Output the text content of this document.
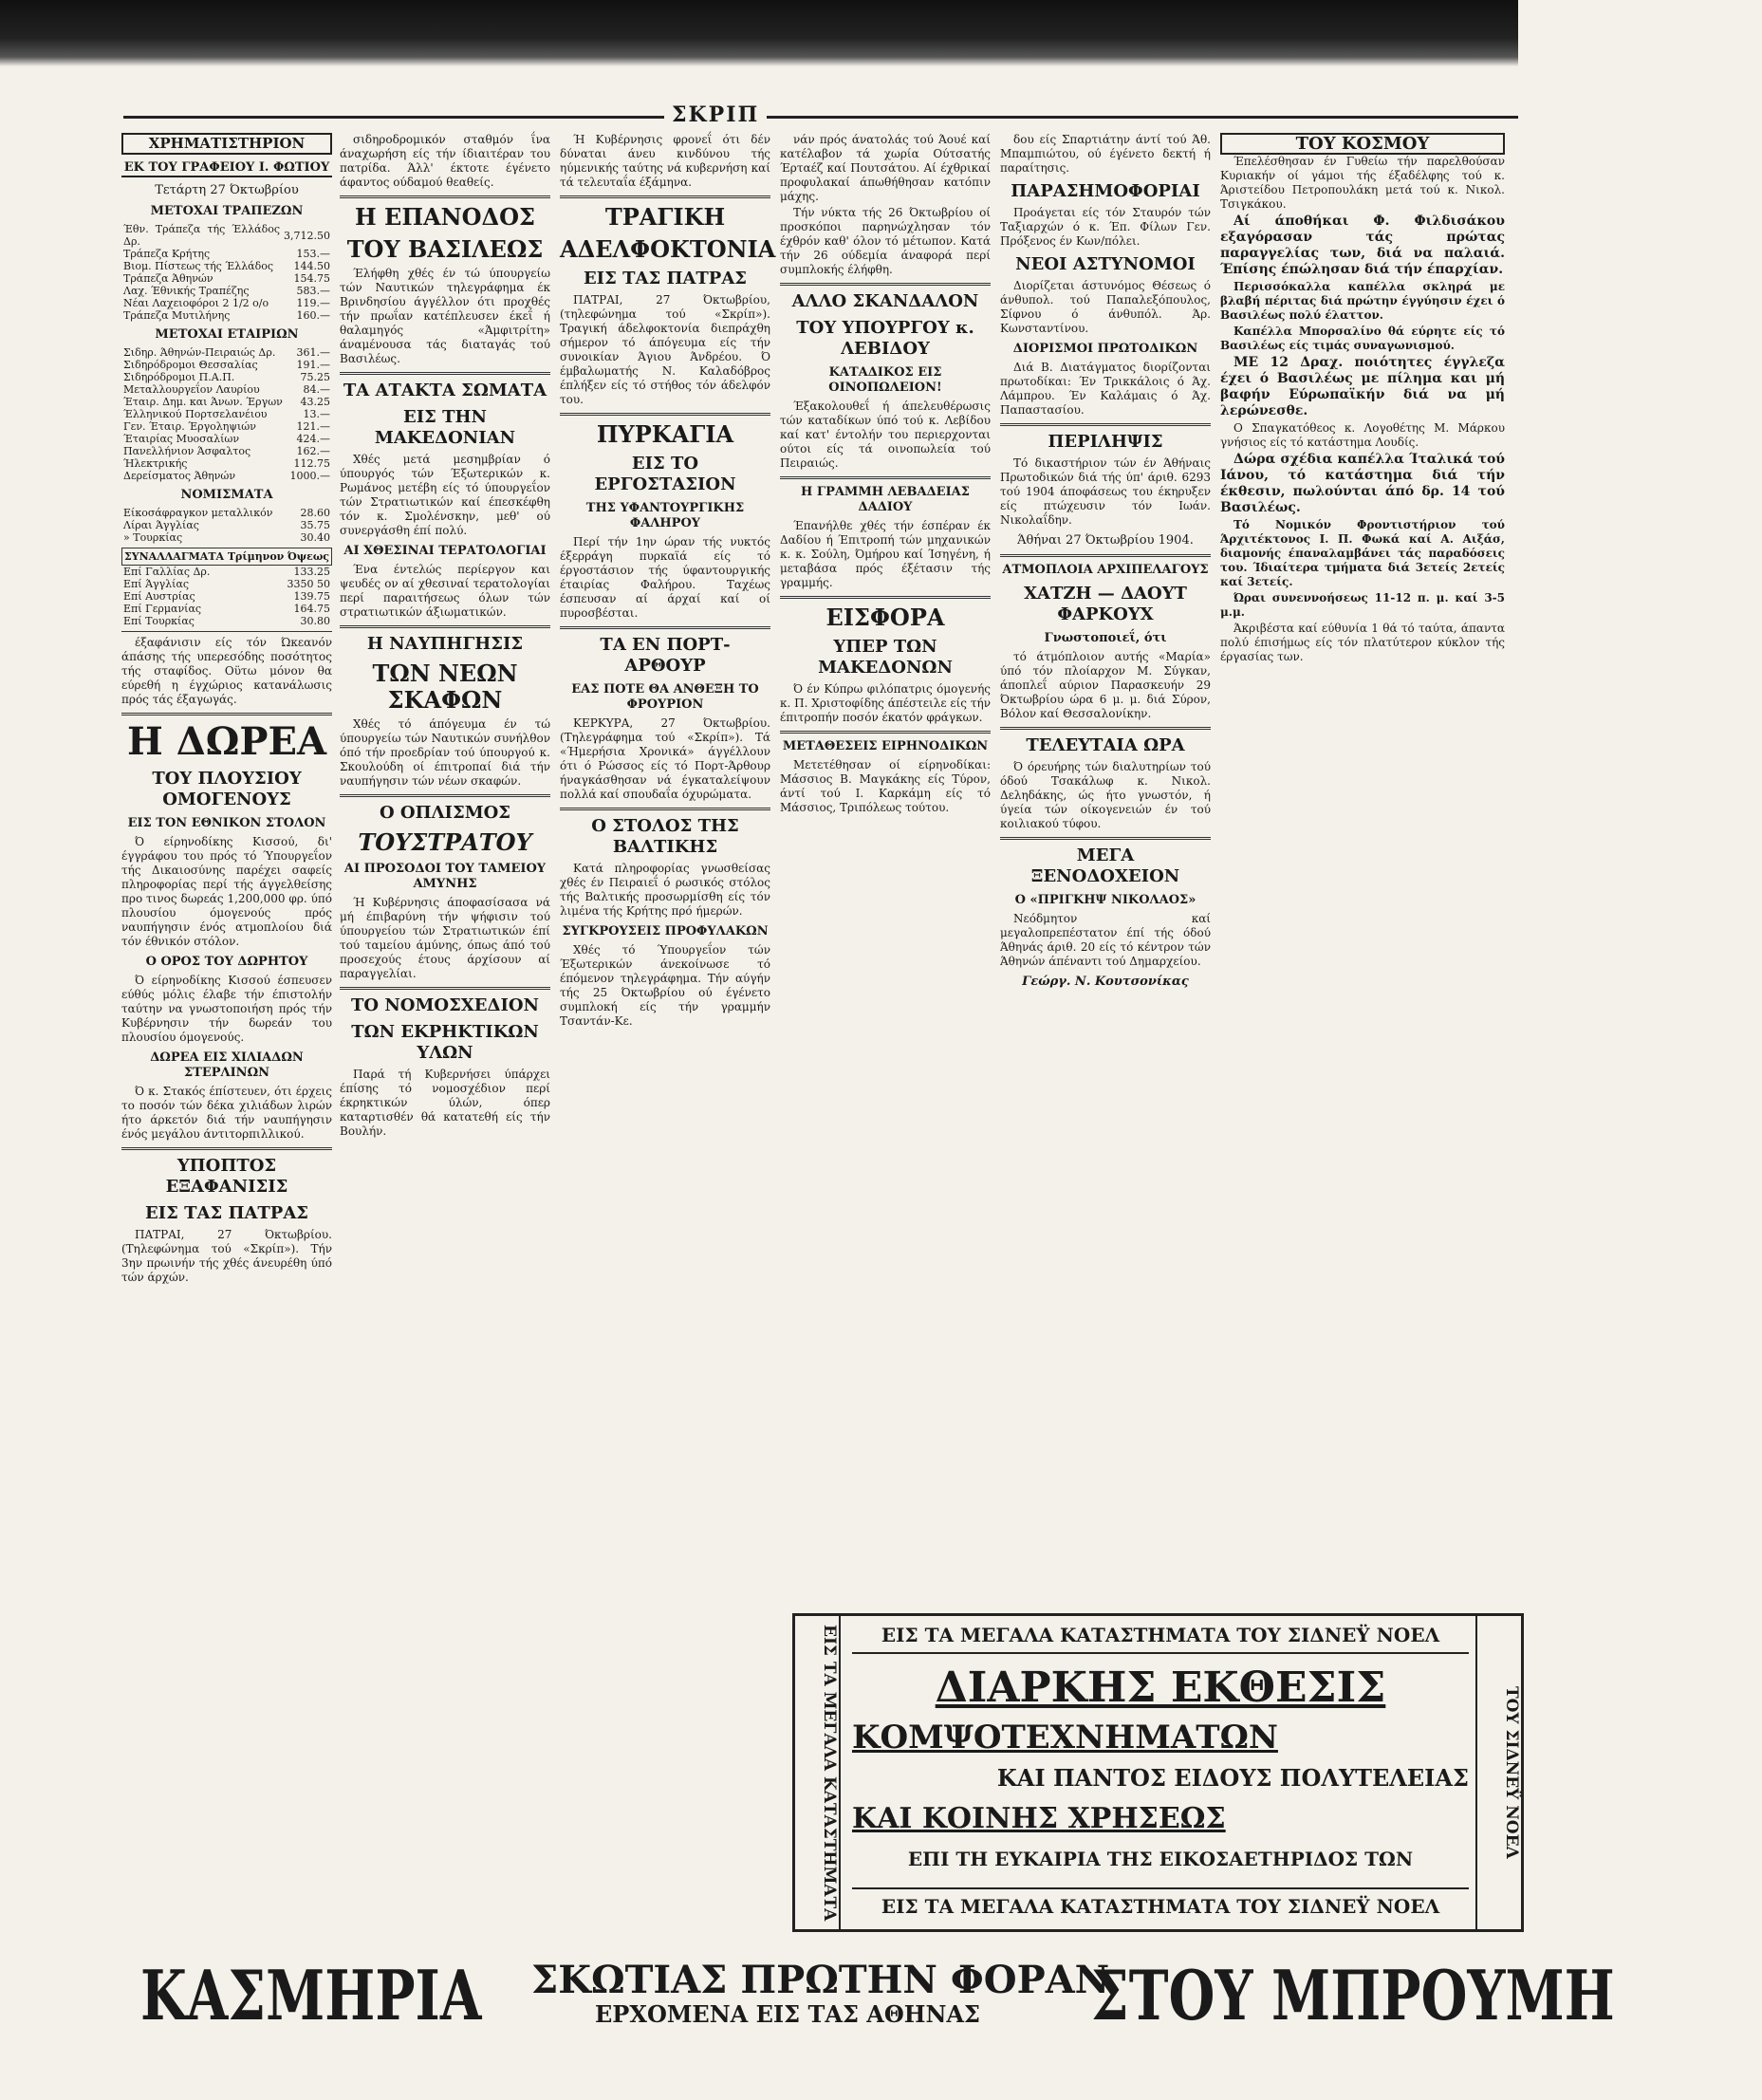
ΣΚΡΙΠ
ΧΡΗΜΑΤΙΣΤΗΡΙΟΝ
ΕΚ ΤΟΥ ΓΡΑΦΕΙΟΥ Ι. ΦΩΤΙΟΥ
Τετάρτη 27 Όκτωβρίου
ΜΕΤΟΧΑΙ ΤΡΑΠΕΖΩΝ
Έθν. Τράπεζα τής Έλλάδος Δρ.	3,712.50
Τράπεζα Κρήτης	153.—
Βιομ. Πίστεως τής Έλλάδος	144.50
Τράπεζα Άθηνών	154.75
Λαχ. Έθνικής Τραπέζης	583.—
Νέαι Λαχειοφόροι 2 1/2 ο/ο	119.—
Τράπεζα Μυτιλήνης	160.—
ΜΕΤΟΧΑΙ ΕΤΑΙΡΙΩΝ
Σιδηρ. Άθηνών-Πειραιώς Δρ.	361.—
Σιδηρόδρομοι Θεσσαλίας	191.—
Σιδηρόδρομοι Π.Α.Π.	75.25
Μεταλλουργεΐον Λαυρίου	84.—
Έταιρ. Δημ. και Άνων. Έργων	43.25
Έλληνικού Πορτσελανέιου	13.—
Γεν. Έταιρ. Έργοληψιών	121.—
Έταιρίας Μυοσαλίων	424.—
Πανελλήνιον Άσφαλτος	162.—
Ήλεκτρικής	112.75
Δερείσματος Άθηνών	1000.—
ΝΟΜΙΣΜΑΤΑ
Είκοσάφραγκον μεταλλικόν	28.60
Λίραι Άγγλίας	35.75
» Τουρκίας	30.40
ΣΥΝΑΛΛΑΓΜΑΤΑ Τρίμηνον Όψεως
Επί Γαλλίας Δρ.	133.25
Επί Άγγλίας	3350 50
Επί Αυστρίας	139.75
Επί Γερμανίας	164.75
Επί Τουρκίας	30.80

έξαφάνισιν είς τόν Ώκεανόν άπάσης τής υπερεσόδης ποσότητος τής σταφίδος. Οϋτω μόνον θα εύρεθή η έγχώριος κατανάλωσις πρός τάς έξαγωγάς.

Η ΔΩΡΕΑ
ΤΟΥ ΠΛΟΥΣΙΟΥ ΟΜΟΓΕΝΟΥΣ
ΕΙΣ ΤΟΝ ΕΘΝΙΚΟΝ ΣΤΟΛΟΝ

Ό είρηνοδίκης Κισσού, δι' έγγράφου του πρός τό Ύπουργεΐον τής Δικαιοσύνης παρέχει σαφείς πληροφορίας περί τής άγγελθείσης προ τινος δωρεάς 1,200,000 φρ. ύπό πλουσίου όμογενούς πρός ναυπήγησιν ένός ατμοπλοίου διά τόν έθνικόν στόλον.

Ο ΟΡΟΣ ΤΟΥ ΔΩΡΗΤΟΥ

Ό είρηνοδίκης Κισσού έσπευσεν εύθύς μόλις έλαβε τήν έπιστολήν ταύτην να γνωστοποιήση πρός τήν Κυβέρνησιν τήν δωρεάν του πλουσίου όμογενούς.

ΔΩΡΕΑ ΕΙΣ ΧΙΛΙΑΔΩΝ ΣΤΕΡΛΙΝΩΝ

Ό κ. Στακός έπίστευεν, ότι έρχεις το ποσόν τών δέκα χιλιάδων λιρών ήτο άρκετόν διά τήν ναυπήγησιν ένός μεγάλου άντιτορπιλλικού.

ΥΠΟΠΤΟΣ ΕΞΑΦΑΝΙΣΙΣ
ΕΙΣ ΤΑΣ ΠΑΤΡΑΣ

ΠΑΤΡΑΙ, 27 Όκτωβρίου. (Τηλεφώνημα τού «Σκρίπ»). Τήν 3ην πρωινήν τής χθές άνευρέθη ύπό τών άρχών.

σιδηροδρομικόν σταθμόν ΐνα άναχωρήση είς τήν ίδιαιτέραν του πατρίδα. Άλλ' έκτοτε έγένετο άφαντος ούδαμού θεαθείς.

Η ΕΠΑΝΟΔΟΣ
ΤΟΥ ΒΑΣΙΛΕΩΣ

Έλήφθη χθές έν τώ ύπουργείω τών Ναυτικών τηλεγράφημα έκ Βρινδησίου άγγέλλον ότι προχθές τήν πρωΐαν κατέπλευσεν έκεΐ ή θαλαμηγός «Άμφιτρίτη» άναμένουσα τάς διαταγάς τού Βασιλέως.

ΤΑ ΑΤΑΚΤΑ ΣΩΜΑΤΑ
ΕΙΣ ΤΗΝ ΜΑΚΕΔΟΝΙΑΝ

Χθές μετά μεσημβρίαν ό ύπουργός τών Έξωτερικών κ. Ρωμάνος μετέβη είς τό ύπουργεΐον τών Στρατιωτικών καί έπεσκέφθη τόν κ. Σμολένσκην, μεθ' ού συνεργάσθη έπί πολύ.

ΑΙ ΧΘΕΣΙΝΑΙ ΤΕΡΑΤΟΛΟΓΙΑΙ

Ένα έντελώς περίεργον και ψευδές ον αί χθεσιναί τερατολογίαι περί παραιτήσεως όλων τών στρατιωτικών άξιωματικών.

Η ΝΑΥΠΗΓΗΣΙΣ
ΤΩΝ ΝΕΩΝ ΣΚΑΦΩΝ

Χθές τό άπόγευμα έν τώ ύπουργείω τών Ναυτικών συνήλθον όπό τήν προεδρίαν τού ύπουργού κ. Σκουλούδη οί έπιτροπαί διά τήν ναυπήγησιν τών νέων σκαφών.

Ο ΟΠΛΙΣΜΟΣ
ΤΟΥΣΤΡΑΤΟΥ
ΑΙ ΠΡΟΣΟΔΟΙ ΤΟΥ ΤΑΜΕΙΟΥ ΑΜΥΝΗΣ

Ή Κυβέρνησις άποφασίσασα νά μή έπιβαρύνη τήν ψήφισιν τού ύπουργείου τών Στρατιωτικών έπί τού ταμείου άμύνης, όπως άπό τού προσεχούς έτους άρχίσουν αί παραγγελίαι.

ΤΟ ΝΟΜΟΣΧΕΔΙΟΝ
ΤΩΝ ΕΚΡΗΚΤΙΚΩΝ ΥΛΩΝ

Παρά τή Κυβερνήσει ύπάρχει έπίσης τό νομοσχέδιον περί έκρηκτικών ύλών, όπερ καταρτισθέν θά κατατεθή είς τήν Βουλήν.

Ή Κυβέρνησις φρονεΐ ότι δέν δύναται άνευ κινδύνου τής ηύμενικής ταύτης νά κυβερνήση καί τά τελευταΐα έξάμηνα.

ΤΡΑΓΙΚΗ
ΑΔΕΛΦΟΚΤΟΝΙΑ
ΕΙΣ ΤΑΣ ΠΑΤΡΑΣ

ΠΑΤΡΑΙ, 27 Όκτωβρίου, (τηλεφώνημα τού «Σκρίπ»). Τραγική άδελφοκτονία διεπράχθη σήμερον τό άπόγευμα είς τήν συνοικίαν Άγιου Άνδρέου. Ό έμβαλωματής Ν. Καλαδόβρος έπλήξεν είς τό στήθος τόν άδελφόν του.

ΠΥΡΚΑΓΙΑ
ΕΙΣ ΤΟ ΕΡΓΟΣΤΑΣΙΟΝ
ΤΗΣ ΥΦΑΝΤΟΥΡΓΙΚΗΣ ΦΑΛΗΡΟΥ

Περί τήν 1ην ώραν τής νυκτός έξερράγη πυρκαϊά είς τό έργοστάσιον τής ύφαντουργικής έταιρίας Φαλήρου. Ταχέως έσπευσαν αί άρχαί καί οί πυροσβέσται.

ΤΑ ΕΝ ΠΟΡΤ-ΑΡΘΟΥΡ
ΕΑΣ ΠΟΤΕ ΘΑ ΑΝΘΕΞΗ ΤΟ ΦΡΟΥΡΙΟΝ

ΚΕΡΚΥΡΑ, 27 Όκτωβρίου. (Τηλεγράφημα τού «Σκρίπ»). Τά «Ήμερήσια Χρονικά» άγγέλλουν ότι ό Ρώσσος είς τό Πορτ-Άρθουρ ήναγκάσθησαν νά έγκαταλείψουν πολλά καί σπουδαΐα όχυρώματα.

Ο ΣΤΟΛΟΣ ΤΗΣ ΒΑΛΤΙΚΗΣ

Κατά πληροφορίας γνωσθείσας χθές έν Πειραιεΐ ό ρωσικός στόλος τής Βαλτικής προσωρμίσθη είς τόν λιμένα τής Κρήτης πρό ήμερών.

ΣΥΓΚΡΟΥΣΕΙΣ ΠΡΟΦΥΛΑΚΩΝ

Χθές τό Ύπουργεΐον τών Έξωτερικών άνεκοίνωσε τό έπόμενον τηλεγράφημα. Τήν αύγήν τής 25 Όκτωβρίου ού έγένετο συμπλοκή είς τήν γραμμήν Τσαντάν-Κε.

νάν πρός άνατολάς τού Άουέ καί κατέλαβον τά χωρία Ούτσατής Έρταέζ καί Πουτσάτου. Αί έχθρικαί προφυλακαί άπωθήθησαν κατόπιν μάχης.

Τήν νύκτα τής 26 Όκτωβρίου οί προσκόποι παρηνώχλησαν τόν έχθρόν καθ' όλον τό μέτωπον. Κατά τήν 26 ούδεμία άναφορά περί συμπλοκής έλήφθη.

ΑΛΛΟ ΣΚΑΝΔΑΛΟΝ
ΤΟΥ ΥΠΟΥΡΓΟΥ κ. ΛΕΒΙΔΟΥ
ΚΑΤΑΔΙΚΟΣ ΕΙΣ ΟΙΝΟΠΩΛΕΙΟΝ!

Έξακολουθεΐ ή άπελευθέρωσις τών καταδίκων ύπό τού κ. Λεβίδου καί κατ' έντολήν του περιερχονται ούτοι είς τά οινοπωλεία τού Πειραιώς.

Η ΓΡΑΜΜΗ ΛΕΒΑΔΕΙΑΣ ΔΑΔΙΟΥ

Έπανήλθε χθές τήν έσπέραν έκ Δαδίου ή Έπιτροπή τών μηχανικών κ. κ. Σούλη, Όμήρου καί Ίσηγένη, ή μεταβάσα πρός έξέτασιν τής γραμμής.

ΕΙΣΦΟΡΑ
ΥΠΕΡ ΤΩΝ ΜΑΚΕΔΟΝΩΝ

Ό έν Κύπρω φιλόπατρις όμογενής κ. Π. Χριστοφίδης άπέστειλε είς τήν έπιτροπήν ποσόν έκατόν φράγκων.

ΜΕΤΑΘΕΣΕΙΣ ΕΙΡΗΝΟΔΙΚΩΝ

Μετετέθησαν οί είρηνοδίκαι: Μάσσιος Β. Μαγκάκης είς Τύρον, άντί τού Ι. Καρκάμη είς τό Μάσσιος, Τριπόλεως τούτου.

δου είς Σπαρτιάτην άντί τού Άθ. Μπαμπιώτου, ού έγένετο δεκτή ή παραίτησις.

ΠΑΡΑΣΗΜΟΦΟΡΙΑΙ

Προάγεται είς τόν Σταυρόν τών Ταξιαρχών ό κ. Έπ. Φίλων Γεν. Πρόξενος έν Κων/πόλει.

ΝΕΟΙ ΑΣΤΥΝΟΜΟΙ

Διορίζεται άστυνόμος Θέσεως ό άνθυπολ. τού Παπαλεξόπουλος, Σίφνου ό άνθυπόλ. Άρ. Κωνσταντίνου.

ΔΙΟΡΙΣΜΟΙ ΠΡΩΤΟΔΙΚΩΝ

Διά Β. Διατάγματος διορίζονται πρωτοδίκαι: Έν Τρικκάλοις ό Άχ. Λάμπρου. Έν Καλάμαις ό Άχ. Παπαστασίου.

ΠΕΡΙΛΗΨΙΣ

Τό δικαστήριον τών έν Άθήναις Πρωτοδικών διά τής ύπ' άριθ. 6293 τού 1904 άποφάσεως του έκηρυξεν είς πτώχευσιν τόν Ιωάν. Νικολαΐδην.

Άθήναι 27 Όκτωβρίου 1904.
ΑΤΜΟΠΛΟΙΑ ΑΡΧΙΠΕΛΑΓΟΥΣ
ΧΑΤΖΗ — ΔΑΟΥΤ ΦΑΡΚΟΥΧ
Γνωστοποιεΐ, ότι

τό άτμόπλοιον αυτής «Μαρία» ύπό τόν πλοίαρχον Μ. Σύγκαν, άποπλεΐ αύριον Παρασκευήν 29 Όκτωβρίου ώρα 6 μ. μ. διά Σύρον, Βόλον καί Θεσσαλονίκην.

ΤΕΛΕΥΤΑΙΑ ΩΡΑ

Ό όρευήρης τών διαλυτηρίων τού όδού Τσακάλωφ κ. Νικολ. Δεληδάκης, ώς ήτο γνωστόν, ή ύγεία τών οίκογενειών έν τού κοιλιακού τύφου.

ΜΕΓΑ ΞΕΝΟΔΟΧΕΙΟΝ
Ο «ΠΡΙΓΚΗΨ ΝΙΚΟΛΑΟΣ»

Νεόδμητον καί μεγαλοπρεπέστατον έπί τής όδού Άθηνάς άριθ. 20 είς τό κέντρον τών Άθηνών άπέναντι τού Δημαρχείου.

Γεώργ. Ν. Κουτσονίκας
ΤΟΥ ΚΟΣΜΟΥ

Έπελέσθησαν έν Γυθείω τήν παρελθούσαν Κυριακήν οί γάμοι τής έξαδέλφης τού κ. Άριστείδου Πετροπουλάκη μετά τού κ. Νικολ. Τσιγκάκου.

Αί άποθήκαι Φ. Φιλδισάκου εξαγόρασαν τάς πρώτας παραγγελίας των, διά να παλαιά. Έπίσης έπώλησαν διά τήν έπαρχίαν.

Περισσόκαλλα καπέλλα σκληρά με βλαβή πέριτας διά πρώτην έγγύησιν έχει ό Βασιλέως πολύ έλαττον.

Καπέλλα Μπορσαλίνο θά εύρητε είς τό Βασιλέως είς τιμάς συναγωνισμού.

ΜΕ 12 Δραχ. ποιότητες έγγλεζα έχει ό Βασιλέως με πίλημα και μή βαφήν Εύρωπαϊκήν διά να μή λερώνεσθε.

Ο Σπαγκατόθεος κ. Λογοθέτης Μ. Μάρκου γνήσιος είς τό κατάστημα Λουδίς.

Δώρα σχέδια καπέλλα Ίταλικά τού Ιάνου, τό κατάστημα διά τήν έκθεσιν, πωλούνται άπό δρ. 14 τού Βασιλέως.

Τό Νομικόν Φροντιστήριον τού Άρχιτέκτονος Ι. Π. Φωκά καί Α. Αιξάσ, διαμονής έπαναλαμβάνει τάς παραδόσεις του. Ίδιαίτερα τμήματα διά 3ετείς 2ετείς καί 3ετείς.

Ώραι συνεννοήσεως 11-12 π. μ. καί 3-5 μ.μ.

Άκριβέστα καί εύθυνία 1 θά τό ταύτα, άπαντα πολύ έπισήμως είς τόν πλατύτερον κύκλον τής έργασίας των.

ΕΙΣ ΤΑ ΜΕΓΑΛΑ ΚΑΤΑΣΤΗΜΑΤΑ	ΤΟΥ ΣΙΔΝΕΫ ΝΟΕΛ
ΕΙΣ ΤΑ ΜΕΓΑΛΑ ΚΑΤΑΣΤΗΜΑΤΑ ΤΟΥ ΣΙΔΝΕΫ ΝΟΕΛ
ΔΙΑΡΚΗΣ ΕΚΘΕΣΙΣ
ΚΟΜΨΟΤΕΧΝΗΜΑΤΩΝ
ΚΑΙ ΠΑΝΤΟΣ ΕΙΔΟΥΣ ΠΟΛΥΤΕΛΕΙΑΣ
ΚΑΙ ΚΟΙΝΗΣ ΧΡΗΣΕΩΣ
ΕΠΙ ΤΗ ΕΥΚΑΙΡΙΑ ΤΗΣ ΕΙΚΟΣΑΕΤΗΡΙΔΟΣ ΤΩΝ
ΕΙΣ ΤΑ ΜΕΓΑΛΑ ΚΑΤΑΣΤΗΜΑΤΑ ΤΟΥ ΣΙΔΝΕΫ ΝΟΕΛ
ΚΑΣΜΗΡΙΑ	ΣΚΩΤΙΑΣ ΠΡΩΤΗΝ ΦΟΡΑΝ
ΕΡΧΟΜΕΝΑ ΕΙΣ ΤΑΣ ΑΘΗΝΑΣ	ΣΤΟΥ ΜΠΡΟΥΜΗ
